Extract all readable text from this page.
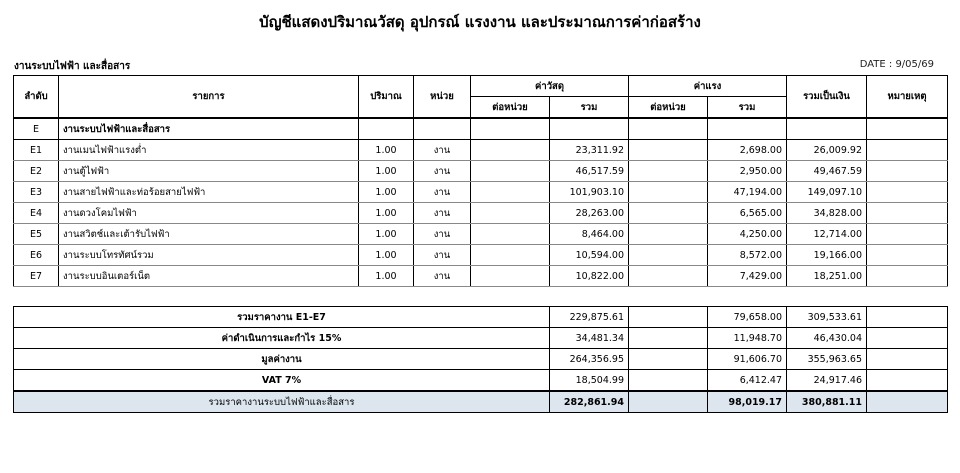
บัญชีแสดงปริมาณวัสดุ อุปกรณ์ แรงงาน และประมาณการค่าก่อสร้าง
งานระบบไฟฟ้า และสื่อสาร	DATE : 9/05/69
ลำดับ	รายการ	ปริมาณ	หน่วย	ค่าวัสดุ		ค่าแรง		รวมเป็นเงิน	หมายเหตุ
				ต่อหน่วย	รวม	ต่อหน่วย	รวม		
E	งานระบบไฟฟ้าและสื่อสาร								
E1	งานเมนไฟฟ้าแรงต่ำ	1.00	งาน		23,311.92		2,698.00	26,009.92	
E2	งานตู้ไฟฟ้า	1.00	งาน		46,517.59		2,950.00	49,467.59	
E3	งานสายไฟฟ้าและท่อร้อยสายไฟฟ้า	1.00	งาน		101,903.10		47,194.00	149,097.10	
E4	งานดวงโคมไฟฟ้า	1.00	งาน		28,263.00		6,565.00	34,828.00	
E5	งานสวิตช์และเต้ารับไฟฟ้า	1.00	งาน		8,464.00		4,250.00	12,714.00	
E6	งานระบบโทรทัศน์รวม	1.00	งาน		10,594.00		8,572.00	19,166.00	
E7	งานระบบอินเตอร์เน็ต	1.00	งาน		10,822.00		7,429.00	18,251.00	
รวมราคางาน E1-E7	229,875.61		79,658.00	309,533.61	
ค่าดำเนินการและกำไร 15%	34,481.34		11,948.70	46,430.04	
มูลค่างาน	264,356.95		91,606.70	355,963.65	
VAT 7%	18,504.99		6,412.47	24,917.46	
รวมราคางานระบบไฟฟ้าและสื่อสาร	282,861.94		98,019.17	380,881.11	
